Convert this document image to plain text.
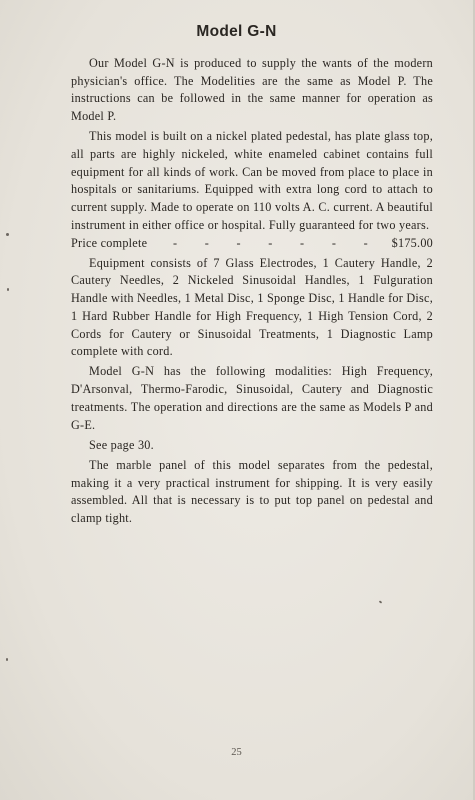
Model G-N

Our Model G-N is produced to supply the wants of the modern physician's office. The Modelities are the same as Model P. The instructions can be followed in the same manner for operation as Model P.

This model is built on a nickel plated pedestal, has plate glass top, all parts are highly nickeled, white enameled cabinet contains full equipment for all kinds of work. Can be moved from place to place in hospitals or sanitariums. Equipped with extra long cord to attach to current supply. Made to operate on 110 volts A. C. current. A beautiful instrument in either office or hospital. Fully guaranteed for two years.

Price complete - - - - - - - $175.00

Equipment consists of 7 Glass Electrodes, 1 Cautery Handle, 2 Cautery Needles, 2 Nickeled Sinusoidal Handles, 1 Fulguration Handle with Needles, 1 Metal Disc, 1 Sponge Disc, 1 Handle for Disc, 1 Hard Rubber Handle for High Frequency, 1 High Tension Cord, 2 Cords for Cautery or Sinusoidal Treatments, 1 Diagnostic Lamp complete with cord.

Model G-N has the following modalities: High Frequency, D'Arsonval, Thermo-Farodic, Sinusoidal, Cautery and Diagnostic treatments. The operation and directions are the same as Models P and G-E.

See page 30.

The marble panel of this model separates from the pedestal, making it a very practical instrument for shipping. It is very easily assembled. All that is necessary is to put top panel on pedestal and clamp tight.

25
